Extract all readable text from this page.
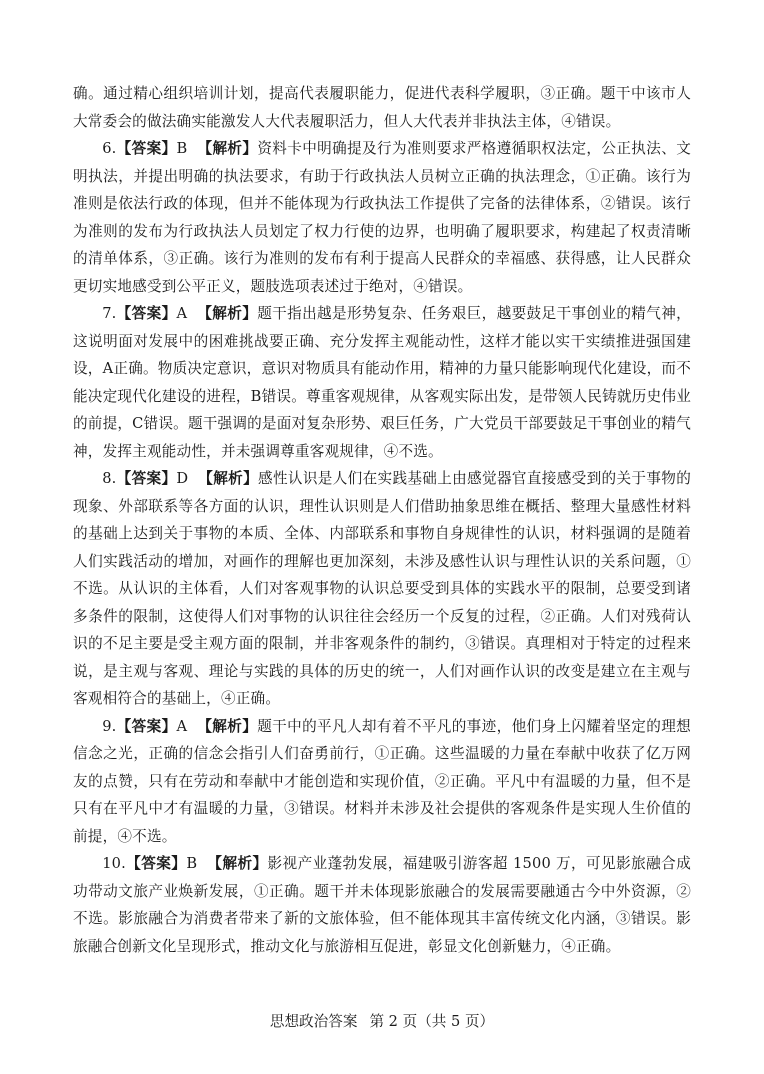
确。通过精心组织培训计划，提高代表履职能力，促进代表科学履职，③正确。题干中该市人大常委会的做法确实能激发人大代表履职活力，但人大代表并非执法主体，④错误。

6.【答案】B 【解析】资料卡中明确提及行为准则要求严格遵循职权法定，公正执法、文明执法，并提出明确的执法要求，有助于行政执法人员树立正确的执法理念，①正确。该行为准则是依法行政的体现，但并不能体现为行政执法工作提供了完备的法律体系，②错误。该行为准则的发布为行政执法人员划定了权力行使的边界，也明确了履职要求，构建起了权责清晰的清单体系，③正确。该行为准则的发布有利于提高人民群众的幸福感、获得感，让人民群众更切实地感受到公平正义，题肢选项表述过于绝对，④错误。

7.【答案】A 【解析】题干指出越是形势复杂、任务艰巨，越要鼓足干事创业的精气神，这说明面对发展中的困难挑战要正确、充分发挥主观能动性，这样才能以实干实绩推进强国建设，A正确。物质决定意识，意识对物质具有能动作用，精神的力量只能影响现代化建设，而不能决定现代化建设的进程，B错误。尊重客观规律，从客观实际出发，是带领人民铸就历史伟业的前提，C错误。题干强调的是面对复杂形势、艰巨任务，广大党员干部要鼓足干事创业的精气神，发挥主观能动性，并未强调尊重客观规律，④不选。

8.【答案】D 【解析】感性认识是人们在实践基础上由感觉器官直接感受到的关于事物的现象、外部联系等各方面的认识，理性认识则是人们借助抽象思维在概括、整理大量感性材料的基础上达到关于事物的本质、全体、内部联系和事物自身规律性的认识，材料强调的是随着人们实践活动的增加，对画作的理解也更加深刻，未涉及感性认识与理性认识的关系问题，①不选。从认识的主体看，人们对客观事物的认识总要受到具体的实践水平的限制，总要受到诸多条件的限制，这使得人们对事物的认识往往会经历一个反复的过程，②正确。人们对残荷认识的不足主要是受主观方面的限制，并非客观条件的制约，③错误。真理相对于特定的过程来说，是主观与客观、理论与实践的具体的历史的统一，人们对画作认识的改变是建立在主观与客观相符合的基础上，④正确。

9.【答案】A 【解析】题干中的平凡人却有着不平凡的事迹，他们身上闪耀着坚定的理想信念之光，正确的信念会指引人们奋勇前行，①正确。这些温暖的力量在奉献中收获了亿万网友的点赞，只有在劳动和奉献中才能创造和实现价值，②正确。平凡中有温暖的力量，但不是只有在平凡中才有温暖的力量，③错误。材料并未涉及社会提供的客观条件是实现人生价值的前提，④不选。

10.【答案】B 【解析】影视产业蓬勃发展，福建吸引游客超 1500 万，可见影旅融合成功带动文旅产业焕新发展，①正确。题干并未体现影旅融合的发展需要融通古今中外资源，②不选。影旅融合为消费者带来了新的文旅体验，但不能体现其丰富传统文化内涵，③错误。影旅融合创新文化呈现形式，推动文化与旅游相互促进，彰显文化创新魅力，④正确。

思想政治答案 第 2 页（共 5 页）
